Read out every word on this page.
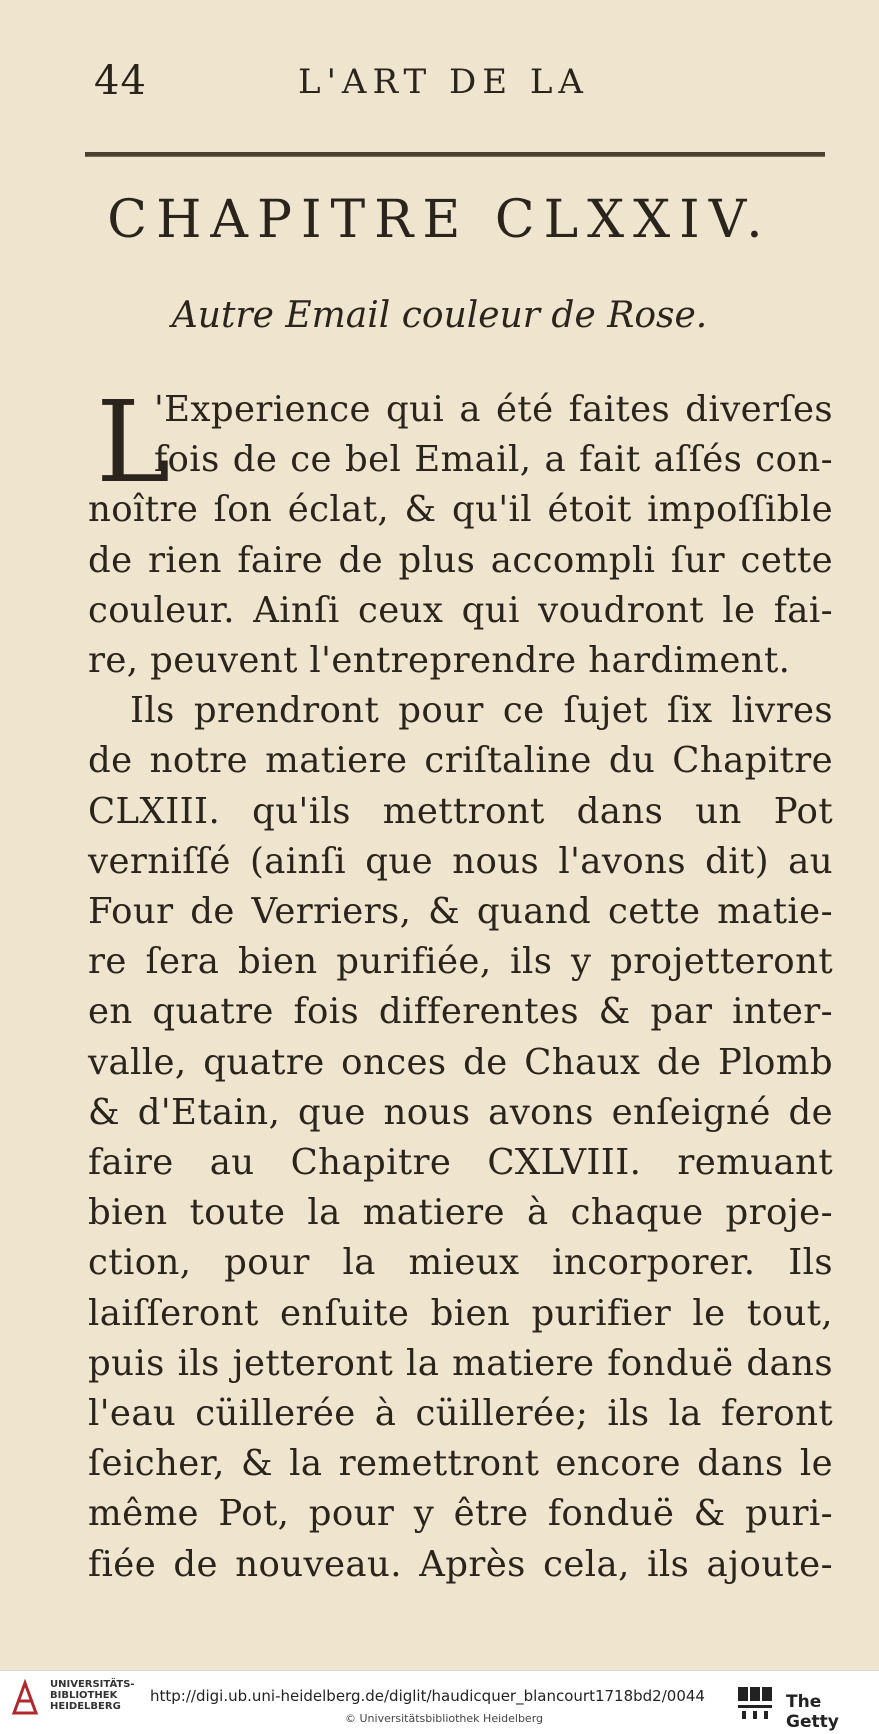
44	L'ART DE LA
CHAPITRE CLXXIV.
Autre Email couleur de Rose.
L
'Experience qui a été faites diverſes
fois de ce bel Email, a fait aſſés con-
noître ſon éclat, & qu'il étoit impoſſible
de rien faire de plus accompli ſur cette
couleur. Ainſi ceux qui voudront le fai-
re, peuvent l'entreprendre hardiment.
Ils prendront pour ce ſujet ſix livres
de notre matiere criſtaline du Chapitre
CLXIII. qu'ils mettront dans un Pot
verniſſé (ainſi que nous l'avons dit) au
Four de Verriers, & quand cette matie-
re ſera bien purifiée, ils y projetteront
en quatre fois differentes & par inter-
valle, quatre onces de Chaux de Plomb
& d'Etain, que nous avons enſeigné de
faire au Chapitre CXLVIII. remuant
bien toute la matiere à chaque proje-
ction, pour la mieux incorporer. Ils
laiſſeront enſuite bien purifier le tout,
puis ils jetteront la matiere fonduë dans
l'eau cüillerée à cüillerée; ils la feront
ſeicher, & la remettront encore dans le
même Pot, pour y être fonduë & puri-
fiée de nouveau. Après cela, ils ajoute-
UNIVERSITÄTS-BIBLIOTHEK HEIDELBERG
http://digi.ub.uni-heidelberg.de/diglit/haudicquer_blancourt1718bd2/0044
© Universitätsbibliothek Heidelberg
The Getty
